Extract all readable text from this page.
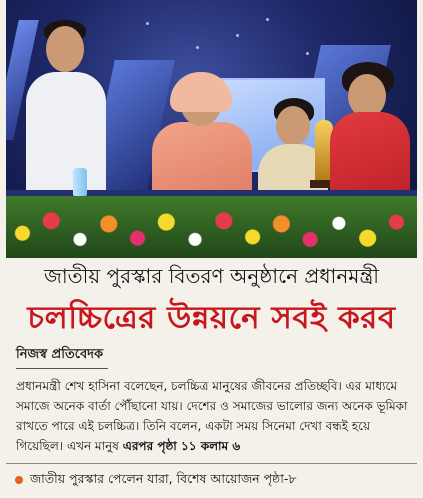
জাতীয় পুরস্কার বিতরণ অনুষ্ঠানে প্রধানমন্ত্রী
চলচ্চিত্রের উন্নয়নে সবই করব
নিজস্ব প্রতিবেদক
প্রধানমন্ত্রী শেখ হাসিনা বলেছেন, চলচ্চিত্র মানুষের জীবনের প্রতিচ্ছবি। এর মাধ্যমে সমাজে অনেক বার্তা পৌঁছানো যায়। দেশের ও সমাজের ভালোর জন্য অনেক ভূমিকা রাখতে পারে এই চলচ্চিত্র। তিনি বলেন, একটা সময় সিনেমা দেখা বন্ধই হয়ে গিয়েছিল। এখন মানুষ এরপর পৃষ্ঠা ১১ কলাম ৬
জাতীয় পুরস্কার পেলেন যারা, বিশেষ আয়োজন পৃষ্ঠা-৮
